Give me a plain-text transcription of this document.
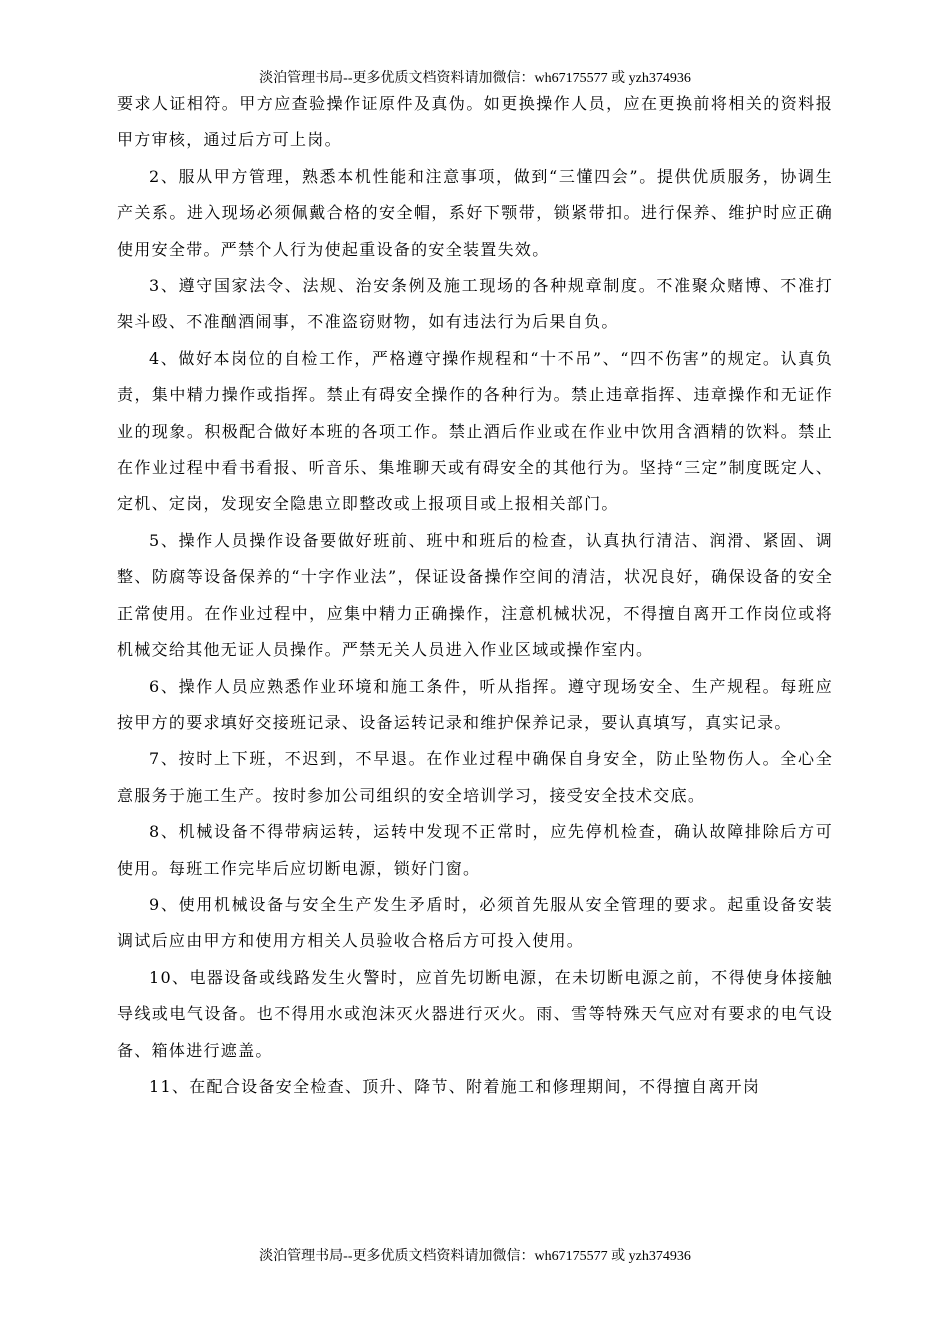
淡泊管理书局--更多优质文档资料请加微信：wh67175577 或 yzh374936

要求人证相符。甲方应查验操作证原件及真伪。如更换操作人员，应在更换前将相关的资料报甲方审核，通过后方可上岗。

2、服从甲方管理，熟悉本机性能和注意事项，做到“三懂四会”。提供优质服务，协调生产关系。进入现场必须佩戴合格的安全帽，系好下颚带，锁紧带扣。进行保养、维护时应正确使用安全带。严禁个人行为使起重设备的安全装置失效。

3、遵守国家法令、法规、治安条例及施工现场的各种规章制度。不准聚众赌博、不准打架斗殴、不准酗酒闹事，不准盗窃财物，如有违法行为后果自负。

4、做好本岗位的自检工作，严格遵守操作规程和“十不吊”、“四不伤害”的规定。认真负责，集中精力操作或指挥。禁止有碍安全操作的各种行为。禁止违章指挥、违章操作和无证作业的现象。积极配合做好本班的各项工作。禁止酒后作业或在作业中饮用含酒精的饮料。禁止在作业过程中看书看报、听音乐、集堆聊天或有碍安全的其他行为。坚持“三定”制度既定人、定机、定岗，发现安全隐患立即整改或上报项目或上报相关部门。

5、操作人员操作设备要做好班前、班中和班后的检查，认真执行清洁、润滑、紧固、调整、防腐等设备保养的“十字作业法”，保证设备操作空间的清洁，状况良好，确保设备的安全正常使用。在作业过程中，应集中精力正确操作，注意机械状况，不得擅自离开工作岗位或将机械交给其他无证人员操作。严禁无关人员进入作业区域或操作室内。

6、操作人员应熟悉作业环境和施工条件，听从指挥。遵守现场安全、生产规程。每班应按甲方的要求填好交接班记录、设备运转记录和维护保养记录，要认真填写，真实记录。

7、按时上下班，不迟到，不早退。在作业过程中确保自身安全，防止坠物伤人。全心全意服务于施工生产。按时参加公司组织的安全培训学习，接受安全技术交底。

8、机械设备不得带病运转，运转中发现不正常时，应先停机检查，确认故障排除后方可使用。每班工作完毕后应切断电源，锁好门窗。

9、使用机械设备与安全生产发生矛盾时，必须首先服从安全管理的要求。起重设备安装调试后应由甲方和使用方相关人员验收合格后方可投入使用。

10、电器设备或线路发生火警时，应首先切断电源，在未切断电源之前，不得使身体接触导线或电气设备。也不得用水或泡沫灭火器进行灭火。雨、雪等特殊天气应对有要求的电气设备、箱体进行遮盖。

11、在配合设备安全检查、顶升、降节、附着施工和修理期间，不得擅自离开岗

淡泊管理书局--更多优质文档资料请加微信：wh67175577 或 yzh374936
